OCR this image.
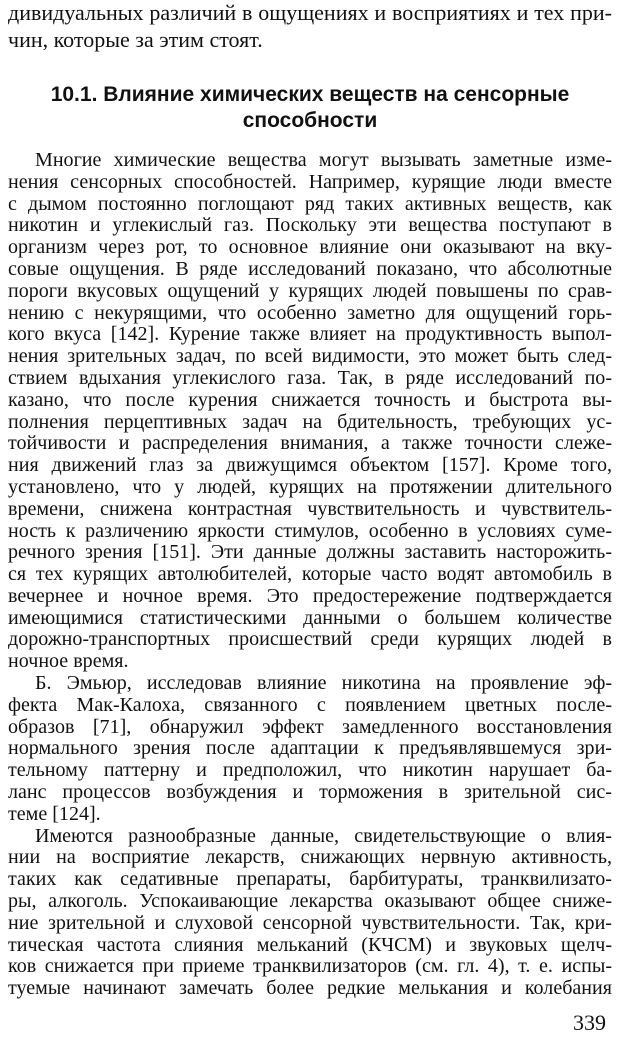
дивидуальных различий в ощущениях и восприятиях и тех при-
чин, которые за этим стоят.
10.1. Влияние химических веществ на сенсорные
способности
Многие химические вещества могут вызывать заметные изме-
нения сенсорных способностей. Например, курящие люди вместе
с дымом постоянно поглощают ряд таких активных веществ, как
никотин и углекислый газ. Поскольку эти вещества поступают в
организм через рот, то основное влияние они оказывают на вку-
совые ощущения. В ряде исследований показано, что абсолютные
пороги вкусовых ощущений у курящих людей повышены по срав-
нению с некурящими, что особенно заметно для ощущений горь-
кого вкуса [142]. Курение также влияет на продуктивность выпол-
нения зрительных задач, по всей видимости, это может быть след-
ствием вдыхания углекислого газа. Так, в ряде исследований по-
казано, что после курения снижается точность и быстрота вы-
полнения перцептивных задач на бдительность, требующих ус-
тойчивости и распределения внимания, а также точности слеже-
ния движений глаз за движущимся объектом [157]. Кроме того,
установлено, что у людей, курящих на протяжении длительного
времени, снижена контрастная чувствительность и чувствитель-
ность к различению яркости стимулов, особенно в условиях суме-
речного зрения [151]. Эти данные должны заставить насторожить-
ся тех курящих автолюбителей, которые часто водят автомобиль в
вечернее и ночное время. Это предостережение подтверждается
имеющимися статистическими данными о большем количестве
дорожно-транспортных происшествий среди курящих людей в
ночное время.
Б. Эмьюр, исследовав влияние никотина на проявление эф-
фекта Мак-Калоха, связанного с появлением цветных после-
образов [71], обнаружил эффект замедленного восстановления
нормального зрения после адаптации к предъявлявшемуся зри-
тельному паттерну и предположил, что никотин нарушает ба-
ланс процессов возбуждения и торможения в зрительной сис-
теме [124].
Имеются разнообразные данные, свидетельствующие о влия-
нии на восприятие лекарств, снижающих нервную активность,
таких как седативные препараты, барбитураты, транквилизато-
ры, алкоголь. Успокаивающие лекарства оказывают общее сниже-
ние зрительной и слуховой сенсорной чувствительности. Так, кри-
тическая частота слияния мельканий (КЧСМ) и звуковых щелч-
ков снижается при приеме транквилизаторов (см. гл. 4), т. е. испы-
туемые начинают замечать более редкие мелькания и колебания
339
